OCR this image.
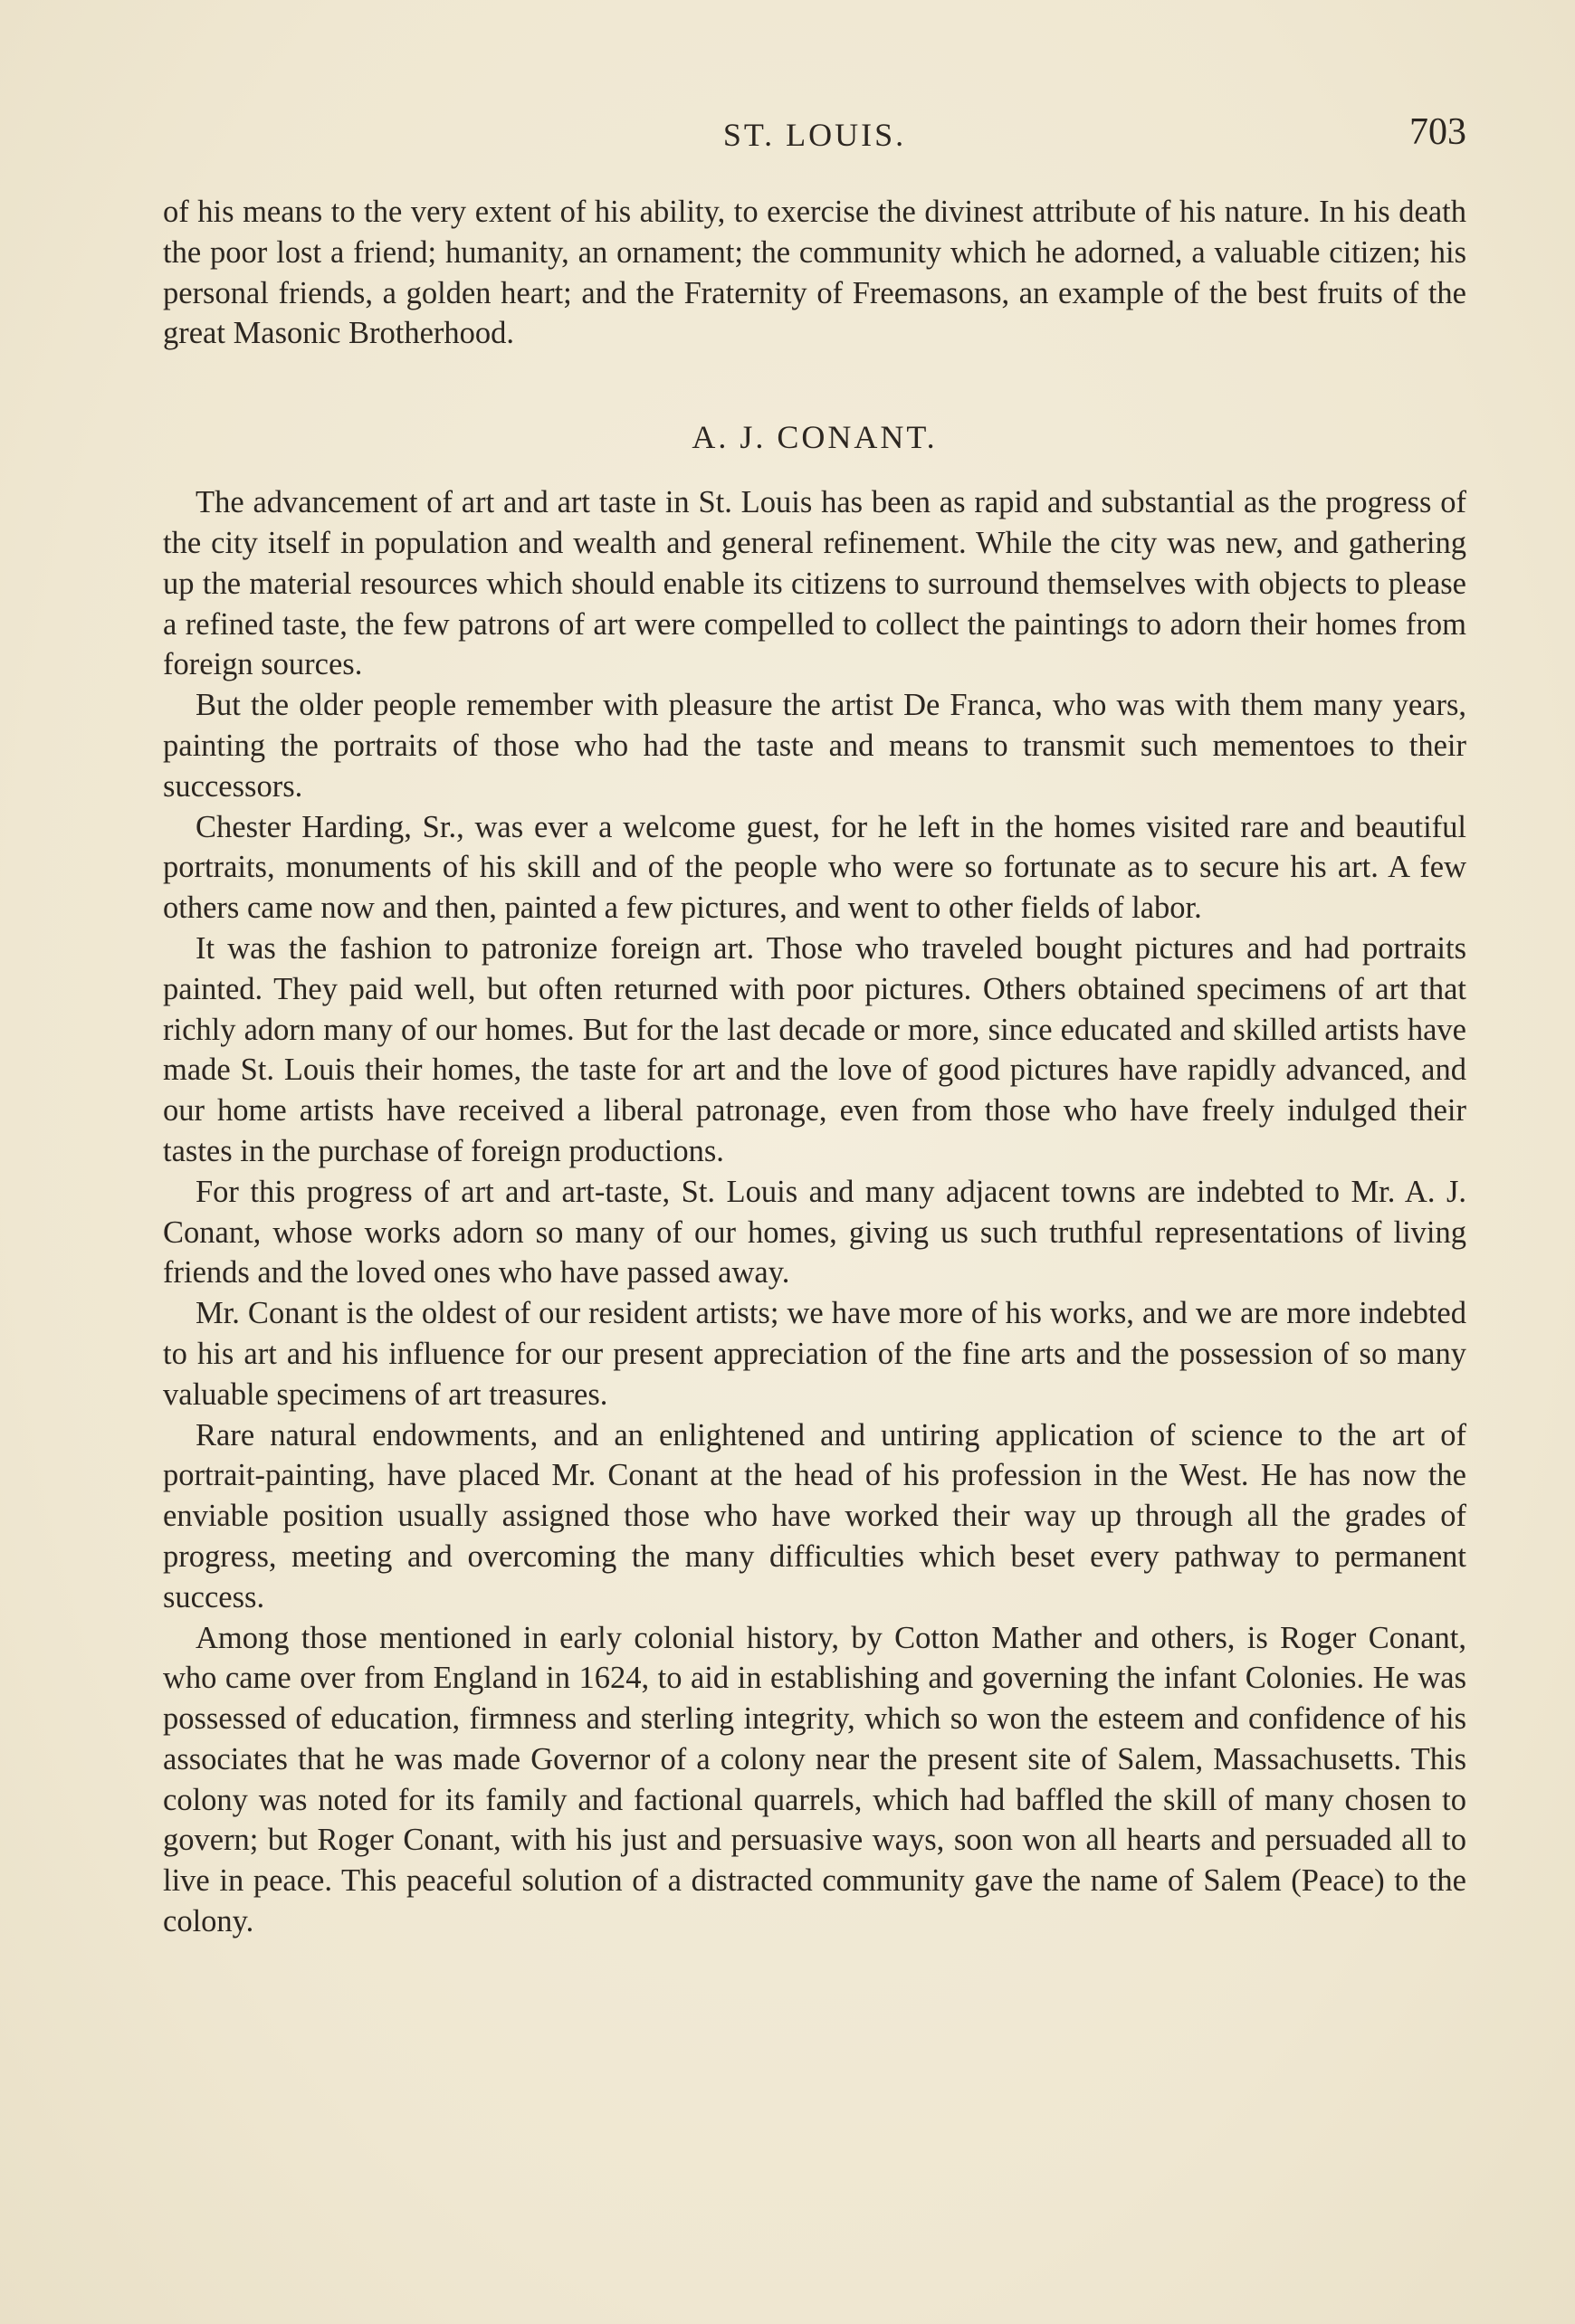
ST. LOUIS.	703

of his means to the very extent of his ability, to exercise the divinest attribute of his nature. In his death the poor lost a friend; humanity, an ornament; the community which he adorned, a valuable citizen; his personal friends, a golden heart; and the Fraternity of Freemasons, an example of the best fruits of the great Masonic Brotherhood.

A. J. CONANT.

The advancement of art and art taste in St. Louis has been as rapid and substantial as the progress of the city itself in population and wealth and general refinement. While the city was new, and gathering up the material resources which should enable its citizens to surround themselves with objects to please a refined taste, the few patrons of art were compelled to collect the paintings to adorn their homes from foreign sources.

But the older people remember with pleasure the artist De Franca, who was with them many years, painting the portraits of those who had the taste and means to transmit such mementoes to their successors.

Chester Harding, Sr., was ever a welcome guest, for he left in the homes visited rare and beautiful portraits, monuments of his skill and of the people who were so fortunate as to secure his art. A few others came now and then, painted a few pictures, and went to other fields of labor.

It was the fashion to patronize foreign art. Those who traveled bought pictures and had portraits painted. They paid well, but often returned with poor pictures. Others obtained specimens of art that richly adorn many of our homes. But for the last decade or more, since educated and skilled artists have made St. Louis their homes, the taste for art and the love of good pictures have rapidly advanced, and our home artists have received a liberal patronage, even from those who have freely indulged their tastes in the purchase of foreign productions.

For this progress of art and art-taste, St. Louis and many adjacent towns are indebted to Mr. A. J. Conant, whose works adorn so many of our homes, giving us such truthful representations of living friends and the loved ones who have passed away.

Mr. Conant is the oldest of our resident artists; we have more of his works, and we are more indebted to his art and his influence for our present appreciation of the fine arts and the possession of so many valuable specimens of art treasures.

Rare natural endowments, and an enlightened and untiring application of science to the art of portrait-painting, have placed Mr. Conant at the head of his profession in the West. He has now the enviable position usually assigned those who have worked their way up through all the grades of progress, meeting and overcoming the many difficulties which beset every pathway to permanent success.

Among those mentioned in early colonial history, by Cotton Mather and others, is Roger Conant, who came over from England in 1624, to aid in establishing and governing the infant Colonies. He was possessed of education, firmness and sterling integrity, which so won the esteem and confidence of his associates that he was made Governor of a colony near the present site of Salem, Massachusetts. This colony was noted for its family and factional quarrels, which had baffled the skill of many chosen to govern; but Roger Conant, with his just and persuasive ways, soon won all hearts and persuaded all to live in peace. This peaceful solution of a distracted community gave the name of Salem (Peace) to the colony.
